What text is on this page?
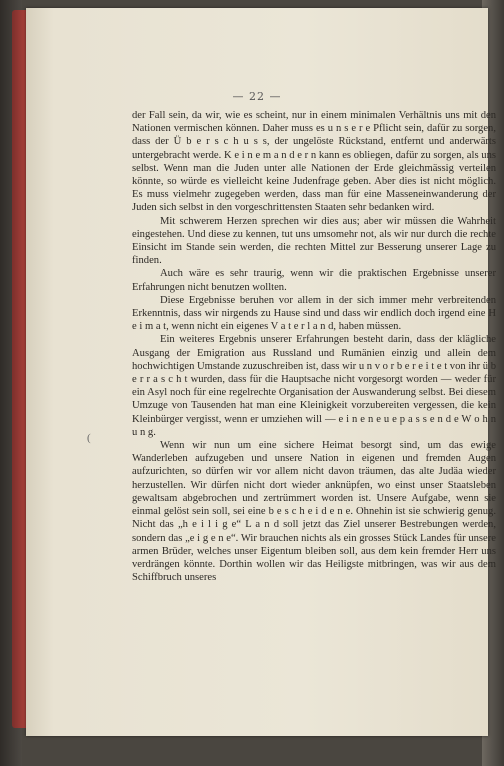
— 22 —
(

der Fall sein, da wir, wie es scheint, nur in einem minimalen Verhältnis uns mit den Nationen vermischen können. Daher muss es u n s e r e Pflicht sein, dafür zu sorgen, dass der Ü b e r s c h u s s, der ungelöste Rückstand, entfernt und anderwärts untergebracht werde. K e i n e m a n d e r n kann es obliegen, dafür zu sorgen, als uns selbst. Wenn man die Juden unter alle Nationen der Erde gleichmässig verteilen könnte, so würde es vielleicht keine Judenfrage geben. Aber dies ist nicht möglich. Es muss vielmehr zugegeben werden, dass man für eine Masseneinwanderung der Juden sich selbst in den vorgeschrittensten Staaten sehr bedanken wird.

Mit schwerem Herzen sprechen wir dies aus; aber wir müssen die Wahrheit eingestehen. Und diese zu kennen, tut uns umsomehr not, als wir nur durch die rechte Einsicht im Stande sein werden, die rechten Mittel zur Besserung unserer Lage zu finden.

Auch wäre es sehr traurig, wenn wir die praktischen Ergebnisse unserer Erfahrungen nicht benutzen wollten.

Diese Ergebnisse beruhen vor allem in der sich immer mehr verbreitenden Erkenntnis, dass wir nirgends zu Hause sind und dass wir endlich doch irgend eine H e i m a t, wenn nicht ein eigenes V a t e r l a n d, haben müssen.

Ein weiteres Ergebnis unserer Erfahrungen besteht darin, dass der klägliche Ausgang der Emigration aus Russland und Rumänien einzig und allein dem hochwichtigen Umstande zuzuschreiben ist, dass wir u n v o r b e r e i t e t von ihr ü b e r r a s c h t wurden, dass für die Hauptsache nicht vorgesorgt worden — weder für ein Asyl noch für eine regelrechte Organisation der Auswanderung selbst. Bei diesem Umzuge von Tausenden hat man eine Kleinigkeit vorzubereiten vergessen, die kein Kleinbürger vergisst, wenn er umziehen will — e i n e n e u e p a s s e n d e W o h n u n g.

Wenn wir nun um eine sichere Heimat besorgt sind, um das ewige Wanderleben aufzugeben und unsere Nation in eigenen und fremden Augen aufzurichten, so dürfen wir vor allem nicht davon träumen, das alte Judäa wieder herzustellen. Wir dürfen nicht dort wieder anknüpfen, wo einst unser Staatsleben gewaltsam abgebrochen und zertrümmert worden ist. Unsere Aufgabe, wenn sie einmal gelöst sein soll, sei eine b e s c h e i d e n e. Ohnehin ist sie schwierig genug. Nicht das „h e i l i g e“ L a n d soll jetzt das Ziel unserer Bestrebungen werden, sondern das „e i g e n e“. Wir brauchen nichts als ein grosses Stück Landes für unsere armen Brüder, welches unser Eigentum bleiben soll, aus dem kein fremder Herr uns verdrängen könnte. Dorthin wollen wir das Heiligste mitbringen, was wir aus dem Schiffbruch unseres
